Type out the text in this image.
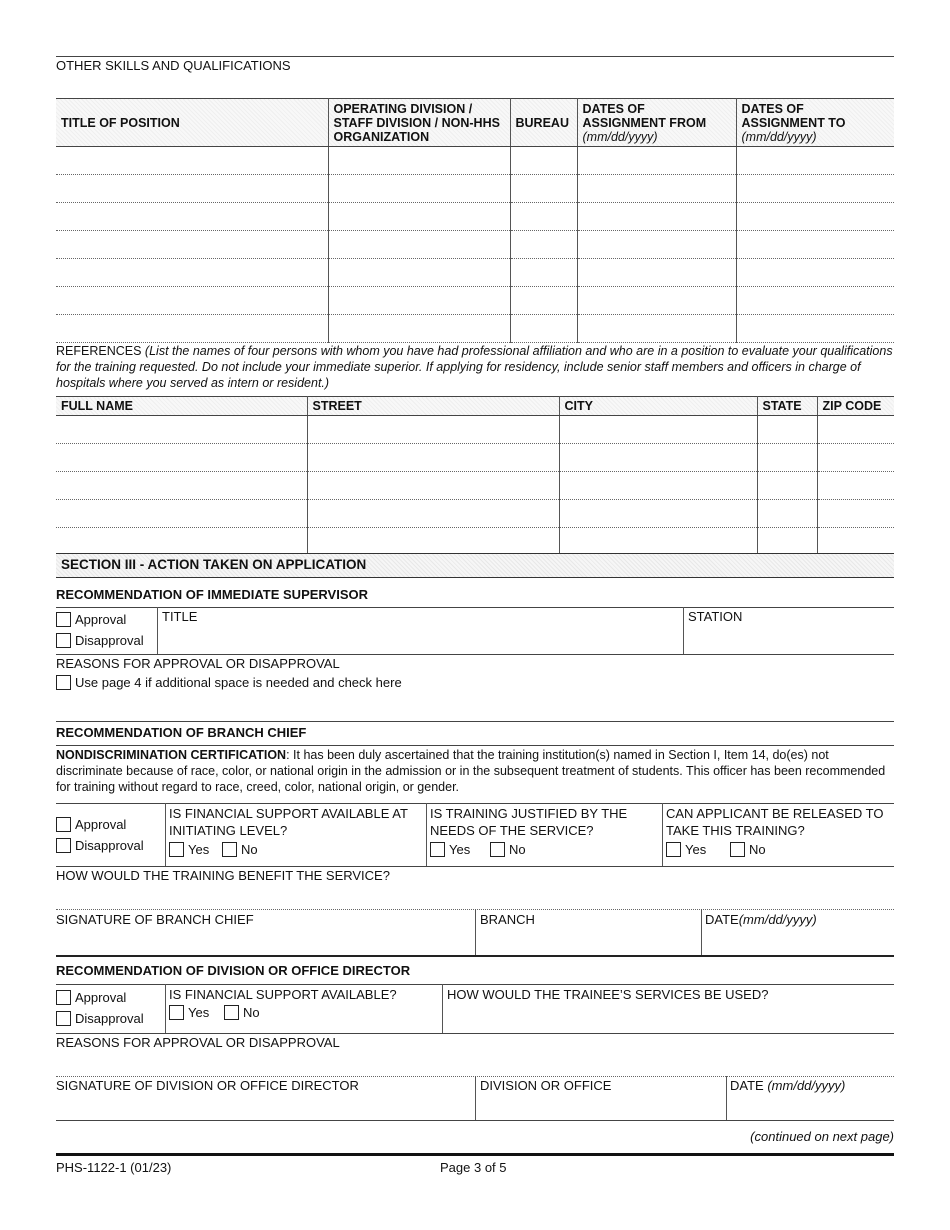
OTHER SKILLS AND QUALIFICATIONS
TITLE OF POSITION	OPERATING DIVISION / STAFF DIVISION / NON-HHS ORGANIZATION	BUREAU	DATES OF ASSIGNMENT FROM (mm/dd/yyyy)	DATES OF ASSIGNMENT TO (mm/dd/yyyy)

REFERENCES (List the names of four persons with whom you have had professional affiliation and who are in a position to evaluate your qualifications for the training requested. Do not include your immediate superior. If applying for residency, include senior staff members and officers in charge of hospitals where you served as intern or resident.)
FULL NAME	STREET	CITY	STATE	ZIP CODE

SECTION III - ACTION TAKEN ON APPLICATION
RECOMMENDATION OF IMMEDIATE SUPERVISOR
Approval
Disapproval
TITLE	STATION
REASONS FOR APPROVAL OR DISAPPROVAL
Use page 4 if additional space is needed and check here
RECOMMENDATION OF BRANCH CHIEF
NONDISCRIMINATION CERTIFICATION: It has been duly ascertained that the training institution(s) named in Section I, Item 14, do(es) not discriminate because of race, color, or national origin in the admission or in the subsequent treatment of students. This officer has been recommended for training without regard to race, creed, color, national origin, or gender.
Approval
Disapproval
IS FINANCIAL SUPPORT AVAILABLE AT INITIATING LEVEL?
Yes No
IS TRAINING JUSTIFIED BY THE NEEDS OF THE SERVICE?
Yes	No
CAN APPLICANT BE RELEASED TO TAKE THIS TRAINING?
Yes	No
HOW WOULD THE TRAINING BENEFIT THE SERVICE?
SIGNATURE OF BRANCH CHIEF	BRANCH	DATE(mm/dd/yyyy)
RECOMMENDATION OF DIVISION OR OFFICE DIRECTOR
Approval
Disapproval
IS FINANCIAL SUPPORT AVAILABLE?
Yes	No
HOW WOULD THE TRAINEE’S SERVICES BE USED?
REASONS FOR APPROVAL OR DISAPPROVAL
SIGNATURE OF DIVISION OR OFFICE DIRECTOR	DIVISION OR OFFICE	DATE (mm/dd/yyyy)
(continued on next page)
PHS-1122-1 (01/23)	Page 3 of 5
